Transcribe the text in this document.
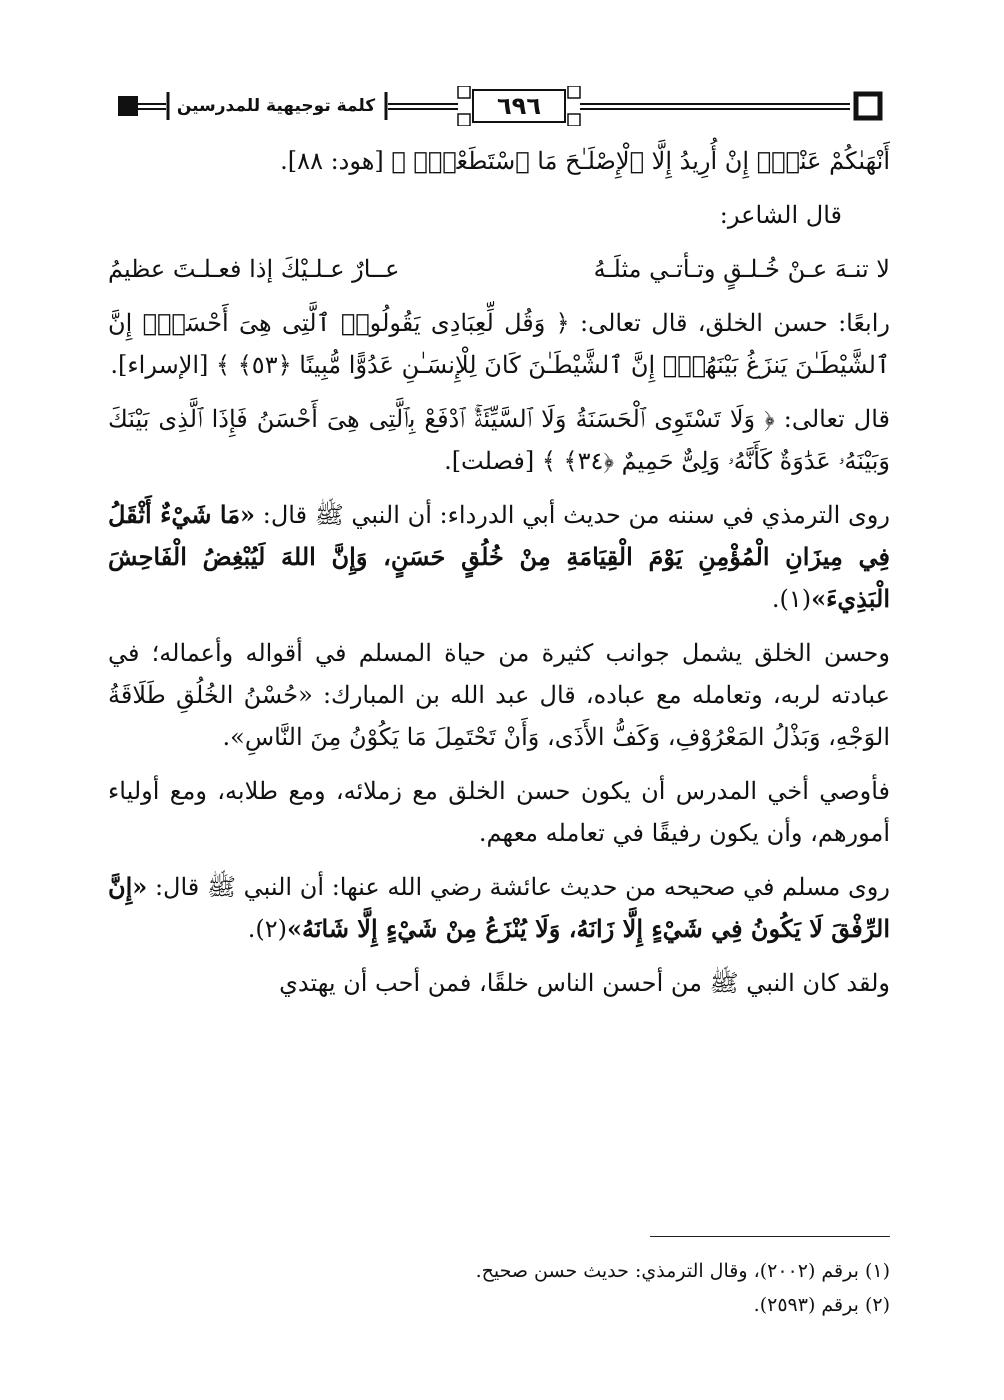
٦٩٦
كلمة توجيهية للمدرسين

أَنْهَىٰكُمْ عَنْهُۚ إِنْ أُرِيدُ إِلَّا ٱلْإِصْلَـٰحَ مَا ٱسْتَطَعْتُۚ ﴾ [هود: ٨٨].

قال الشاعر:

لا تنـهَ عـنْ خُـلـقٍ وتـأتـي مثلَـهُ
عــارٌ عـلـيْكَ إذا فعـلـتَ عظيمُ

رابعًا: حسن الخلق، قال تعالى: ﴿ وَقُل لِّعِبَادِى يَقُولُوا۟ ٱلَّتِى هِىَ أَحْسَنُۚ إِنَّ ٱلشَّيْطَـٰنَ يَنزَغُ بَيْنَهُمْۚ إِنَّ ٱلشَّيْطَـٰنَ كَانَ لِلْإِنسَـٰنِ عَدُوًّا مُّبِينًا ﴿٥٣﴾ ﴾ [الإسراء].

قال تعالى: ﴿ وَلَا تَسْتَوِى ٱلْحَسَنَةُ وَلَا ٱلسَّيِّئَةُۚ ٱدْفَعْ بِٱلَّتِى هِىَ أَحْسَنُ فَإِذَا ٱلَّذِى بَيْنَكَ وَبَيْنَهُۥ عَدَٰوَةٌ كَأَنَّهُۥ وَلِىٌّ حَمِيمٌ ﴿٣٤﴾ ﴾ [فصلت].

روى الترمذي في سننه من حديث أبي الدرداء: أن النبي ﷺ قال: «مَا شَيْءٌ أَثْقَلُ فِي مِيزَانِ الْمُؤْمِنِ يَوْمَ الْقِيَامَةِ مِنْ خُلُقٍ حَسَنٍ، وَإِنَّ اللهَ لَيُبْغِضُ الْفَاحِشَ الْبَذِيءَ»(١).

وحسن الخلق يشمل جوانب كثيرة من حياة المسلم في أقواله وأعماله؛ في عبادته لربه، وتعامله مع عباده، قال عبد الله بن المبارك: «حُسْنُ الخُلُقِ طَلَاقَةُ الوَجْهِ، وَبَذْلُ المَعْرُوْفِ، وَكَفُّ الأَذَى، وَأَنْ تَحْتَمِلَ مَا يَكُوْنُ مِنَ النَّاسِ».

فأوصي أخي المدرس أن يكون حسن الخلق مع زملائه، ومع طلابه، ومع أولياء أمورهم، وأن يكون رفيقًا في تعامله معهم.

روى مسلم في صحيحه من حديث عائشة رضي الله عنها: أن النبي ﷺ قال: «إِنَّ الرِّفْقَ لَا يَكُونُ فِي شَيْءٍ إِلَّا زَانَهُ، وَلَا يُنْزَعُ مِنْ شَيْءٍ إِلَّا شَانَهُ»(٢).

ولقد كان النبي ﷺ من أحسن الناس خلقًا، فمن أحب أن يهتدي

(١) برقم (٢٠٠٢)، وقال الترمذي: حديث حسن صحيح.
(٢) برقم (٢٥٩٣).
